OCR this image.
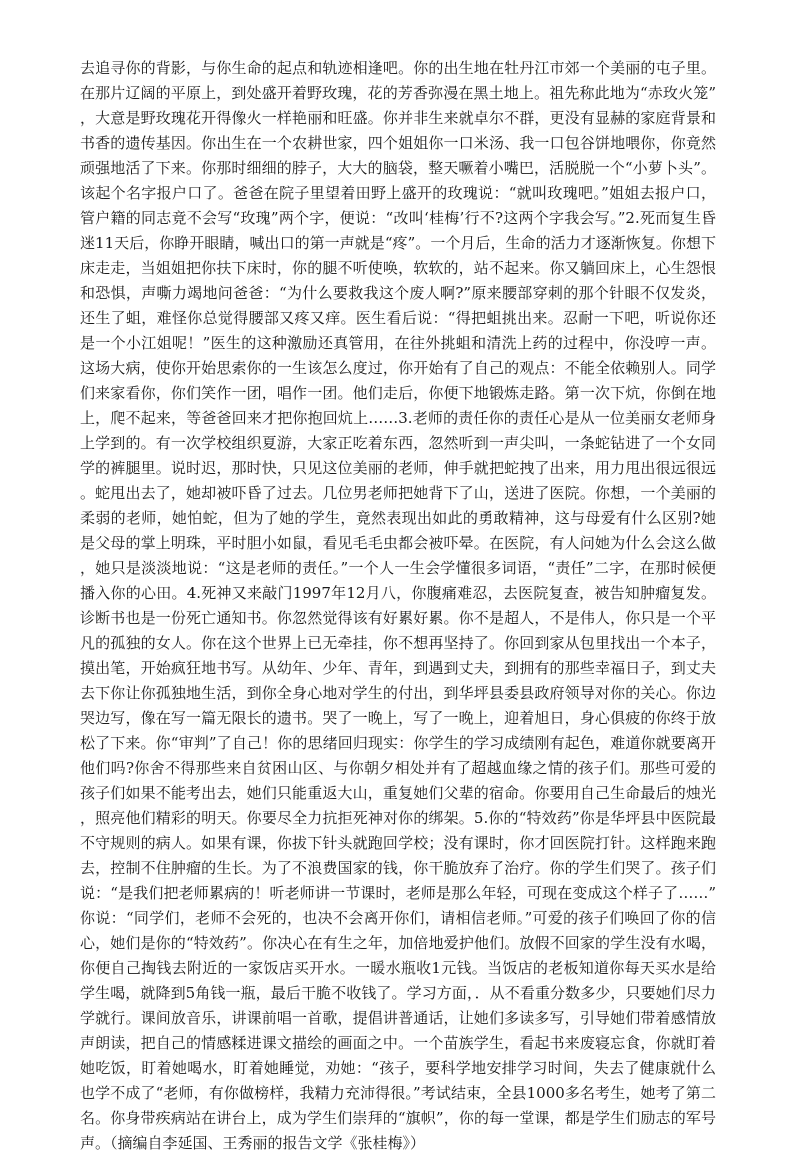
去追寻你的背影，与你生命的起点和轨迹相逢吧。你的出生地在牡丹江市郊一个美丽的屯子里。在那片辽阔的平原上，到处盛开着野玫瑰，花的芳香弥漫在黑土地上。祖先称此地为“赤玫火笼”，大意是野玫瑰花开得像火一样艳丽和旺盛。你并非生来就卓尔不群，更没有显赫的家庭背景和书香的遗传基因。你出生在一个农耕世家，四个姐姐你一口米汤、我一口包谷饼地喂你，你竟然顽强地活了下来。你那时细细的脖子，大大的脑袋，整天噘着小嘴巴，活脱脱一个“小萝卜头”。该起个名字报户口了。爸爸在院子里望着田野上盛开的玫瑰说：“就叫玫瑰吧。”姐姐去报户口，管户籍的同志竟不会写“玫瑰”两个字，便说：“改叫‘桂梅’行不?这两个字我会写。”2.死而复生昏迷11天后，你睁开眼睛，喊出口的第一声就是“疼”。一个月后，生命的活力才逐渐恢复。你想下床走走，当姐姐把你扶下床时，你的腿不听使唤，软软的，站不起来。你又躺回床上，心生怨恨和恐惧，声嘶力竭地问爸爸：“为什么要救我这个废人啊?”原来腰部穿刺的那个针眼不仅发炎，还生了蛆，难怪你总觉得腰部又疼又痒。医生看后说：“得把蛆挑出来。忍耐一下吧，听说你还是一个小江姐呢！”医生的这种激励还真管用，在往外挑蛆和清洗上药的过程中，你没哼一声。这场大病，使你开始思索你的一生该怎么度过，你开始有了自己的观点：不能全依赖别人。同学们来家看你，你们笑作一团，唱作一团。他们走后，你便下地锻炼走路。第一次下炕，你倒在地上，爬不起来，等爸爸回来才把你抱回炕上……3.老师的责任你的责任心是从一位美丽女老师身上学到的。有一次学校组织夏游，大家正吃着东西，忽然听到一声尖叫，一条蛇钻进了一个女同学的裤腿里。说时迟，那时快，只见这位美丽的老师，伸手就把蛇拽了出来，用力甩出很远很远。蛇甩出去了，她却被吓昏了过去。几位男老师把她背下了山，送进了医院。你想，一个美丽的柔弱的老师，她怕蛇，但为了她的学生，竟然表现出如此的勇敢精神，这与母爱有什么区别?她是父母的掌上明珠，平时胆小如鼠，看见毛毛虫都会被吓晕。在医院，有人问她为什么会这么做，她只是淡淡地说：“这是老师的责任。”一个人一生会学懂很多词语，“责任”二字，在那时候便播入你的心田。4.死神又来敲门1997年12月八，你腹痛难忍，去医院复查，被告知肿瘤复发。诊断书也是一份死亡通知书。你忽然觉得该有好累好累。你不是超人，不是伟人，你只是一个平凡的孤独的女人。你在这个世界上已无牵挂，你不想再坚持了。你回到家从包里找出一个本子，摸出笔，开始疯狂地书写。从幼年、少年、青年，到遇到丈夫，到拥有的那些幸福日子，到丈夫去下你让你孤独地生活，到你全身心地对学生的付出，到华坪县委县政府领导对你的关心。你边哭边写，像在写一篇无限长的遗书。哭了一晚上，写了一晚上，迎着旭日，身心俱疲的你终于放松了下来。你“审判”了自己！你的思绪回归现实：你学生的学习成绩刚有起色，难道你就要离开他们吗?你舍不得那些来自贫困山区、与你朝夕相处并有了超越血缘之情的孩子们。那些可爱的孩子们如果不能考出去，她们只能重返大山，重复她们父辈的宿命。你要用自己生命最后的烛光，照亮他们精彩的明天。你要尽全力抗拒死神对你的绑架。5.你的“特效药”你是华坪县中医院最不守规则的病人。如果有课，你拔下针头就跑回学校；没有课时，你才回医院打针。这样跑来跑去，控制不住肿瘤的生长。为了不浪费国家的钱，你干脆放弃了治疗。你的学生们哭了。孩子们说：“是我们把老师累病的！听老师讲一节课时，老师是那么年轻，可现在变成这个样子了……”你说：“同学们，老师不会死的，也决不会离开你们，请相信老师。”可爱的孩子们唤回了你的信心，她们是你的“特效药”。你决心在有生之年，加倍地爱护他们。放假不回家的学生没有水喝，你便自己掏钱去附近的一家饭店买开水。一暖水瓶收1元钱。当饭店的老板知道你每天买水是给学生喝，就降到5角钱一瓶，最后干脆不收钱了。学习方面，．从不看重分数多少，只要她们尽力学就行。课间放音乐，讲课前唱一首歌，提倡讲普通话，让她们多读多写，引导她们带着感情放声朗读，把自己的情感糅进课文描绘的画面之中。一个苗族学生，看起书来废寝忘食，你就盯着她吃饭，盯着她喝水，盯着她睡觉，劝她：“孩子，要科学地安排学习时间，失去了健康就什么也学不成了“老师，有你做榜样，我精力充沛得很。”考试结束，全县1000多名考生，她考了第二名。你身带疾病站在讲台上，成为学生们崇拜的“旗帜”，你的每一堂课，都是学生们励志的军号声。（摘编自李延国、王秀丽的报告文学《张桂梅》）
